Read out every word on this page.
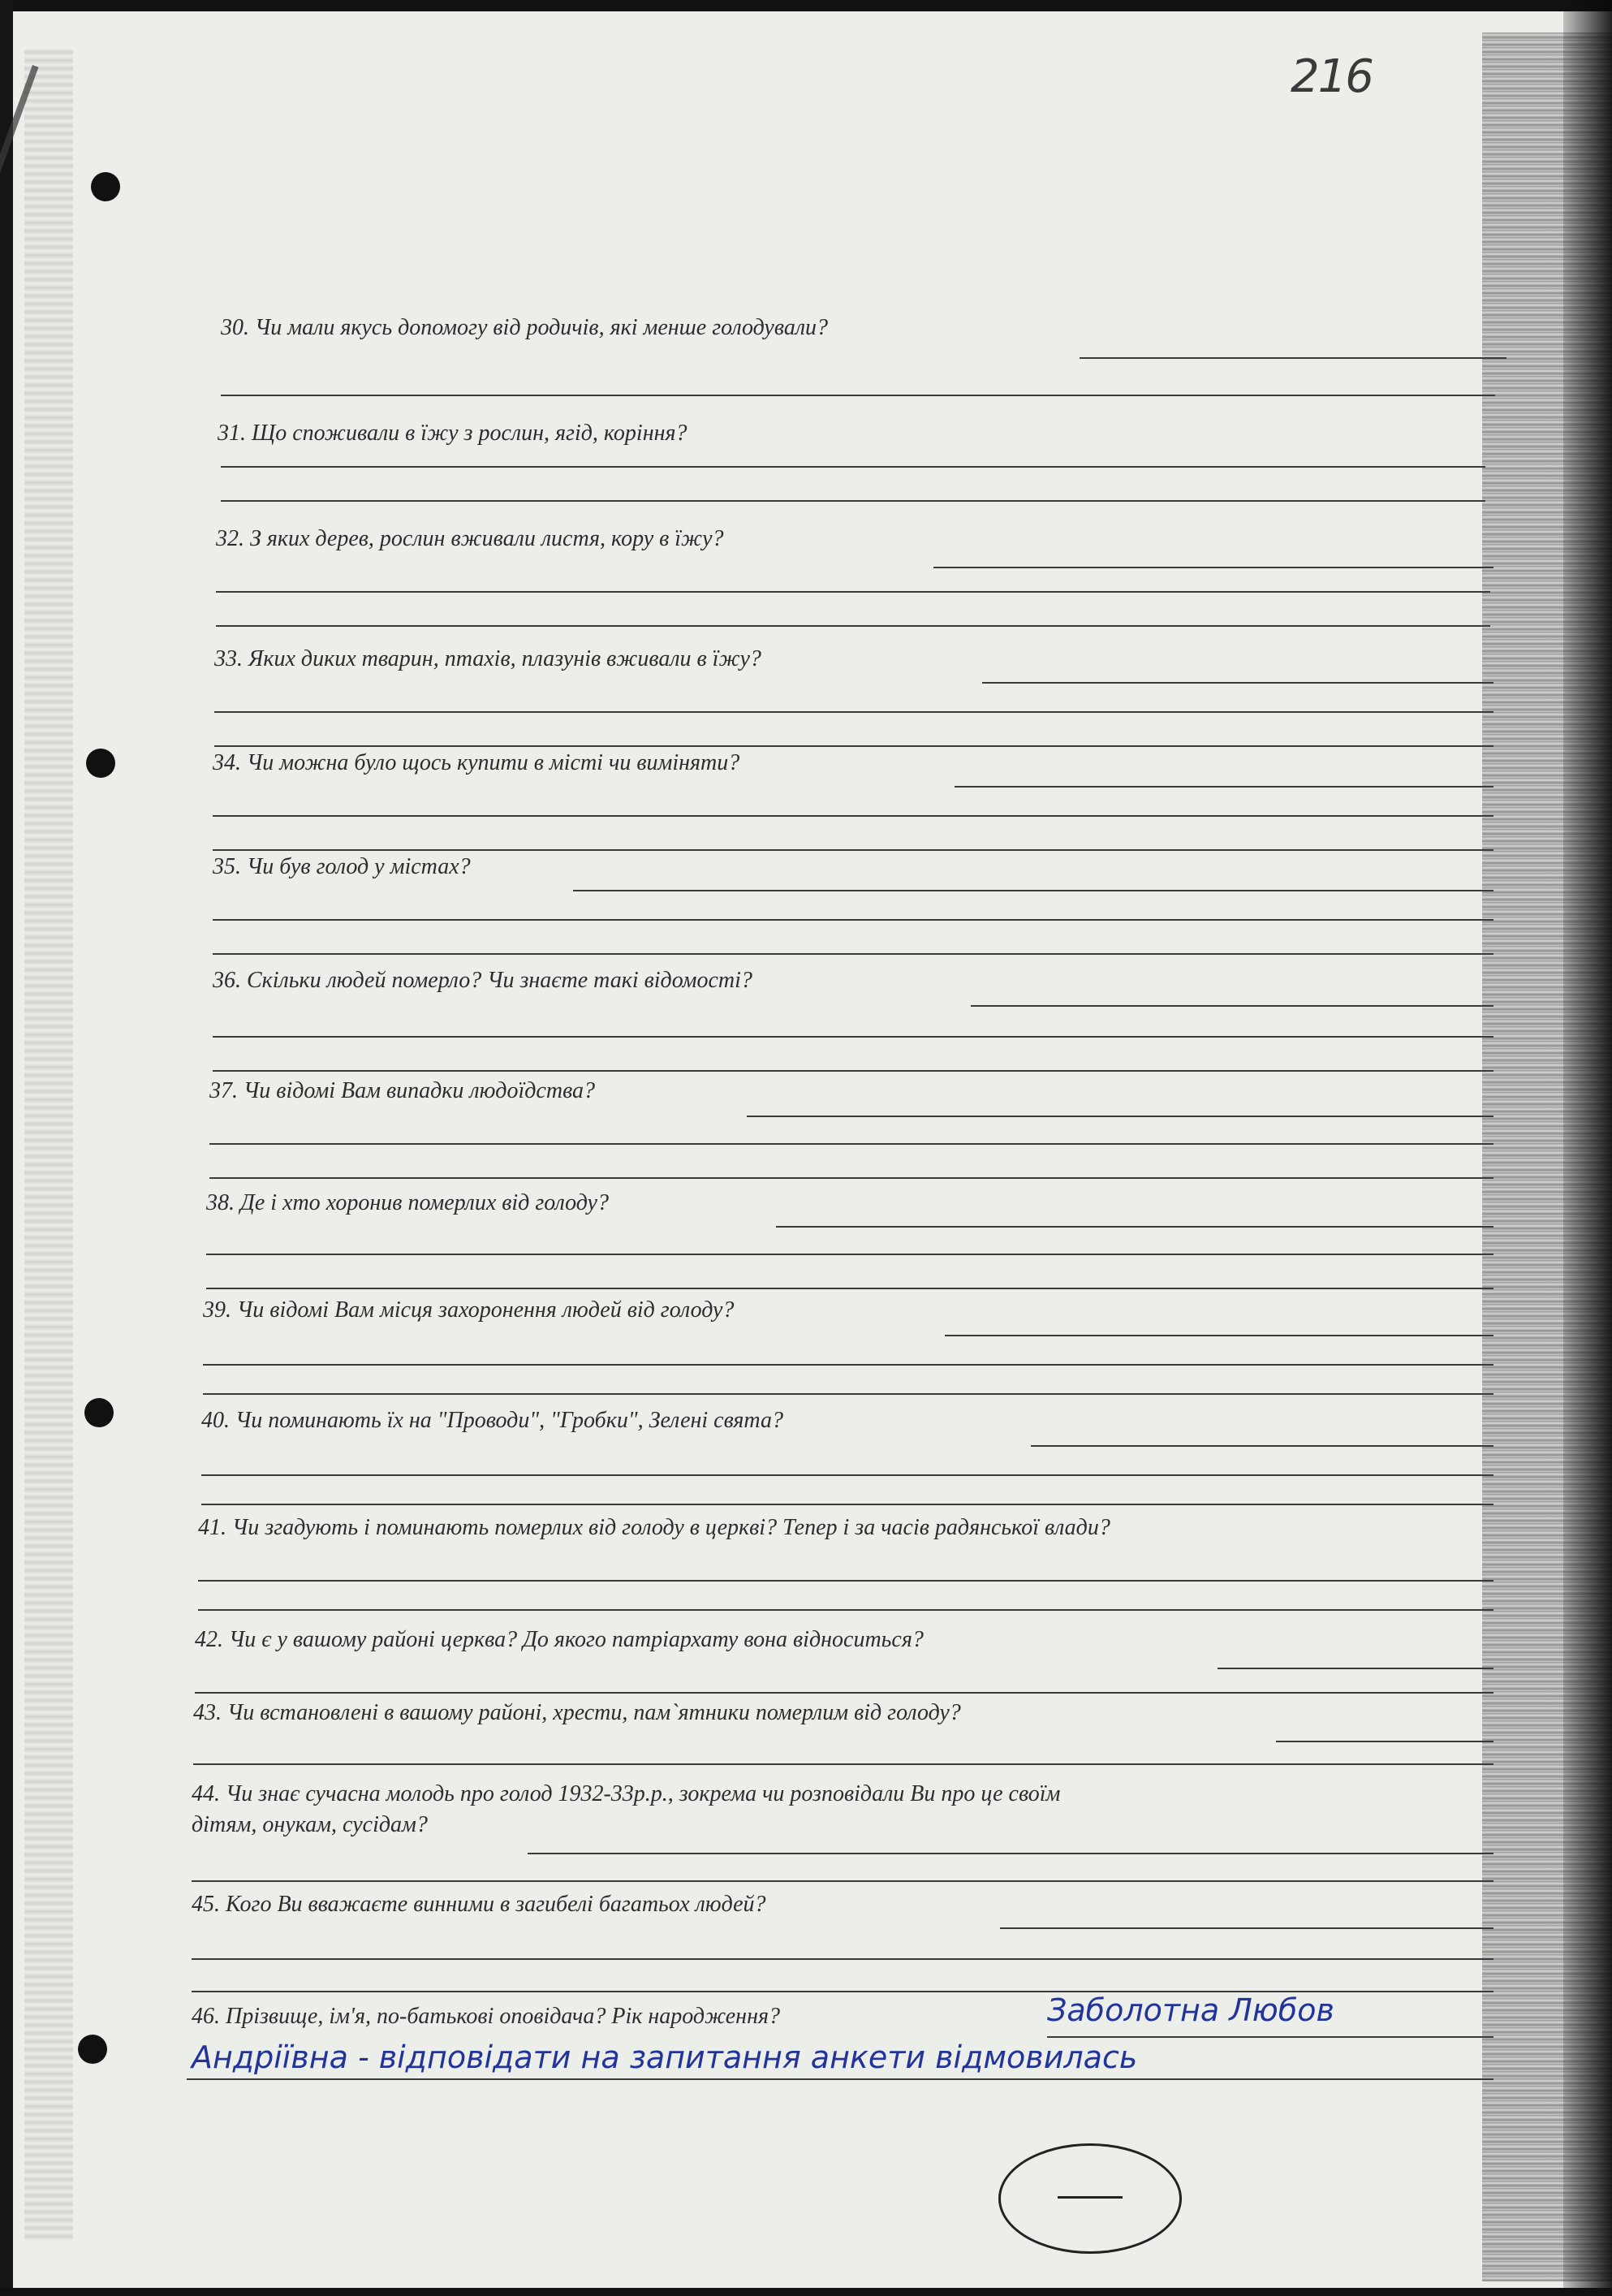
216
30. Чи мали якусь допомогу від родичів, які менше голодували?
31. Що споживали в їжу з рослин, ягід, коріння?
32. З яких дерев, рослин вживали листя, кору в їжу?
33. Яких диких тварин, птахів, плазунів вживали в їжу?
34. Чи можна було щось купити в місті чи виміняти?
35. Чи був голод у містах?
36. Скільки людей померло? Чи знаєте такі відомості?
37. Чи відомі Вам випадки людоїдства?
38. Де і хто хоронив померлих від голоду?
39. Чи відомі Вам місця захоронення людей від голоду?
40. Чи поминають їх на "Проводи", "Гробки", Зелені свята?
41. Чи згадують і поминають померлих від голоду в церкві? Тепер і за часів радянської влади?
42. Чи є у вашому районі церква? До якого патріархату вона відноситься?
43. Чи встановлені в вашому районі, хрести, пам`ятники померлим від голоду?
44. Чи знає сучасна молодь про голод 1932-33р.р., зокрема чи розповідали Ви про це своїм
дітям, онукам, сусідам?
45. Кого Ви вважаєте винними в загибелі багатьох людей?
46. Прізвище, ім'я, по-батькові оповідача? Рік народження?	Заболотна Любов
Андріївна - відповідати на запитання анкети відмовилась
